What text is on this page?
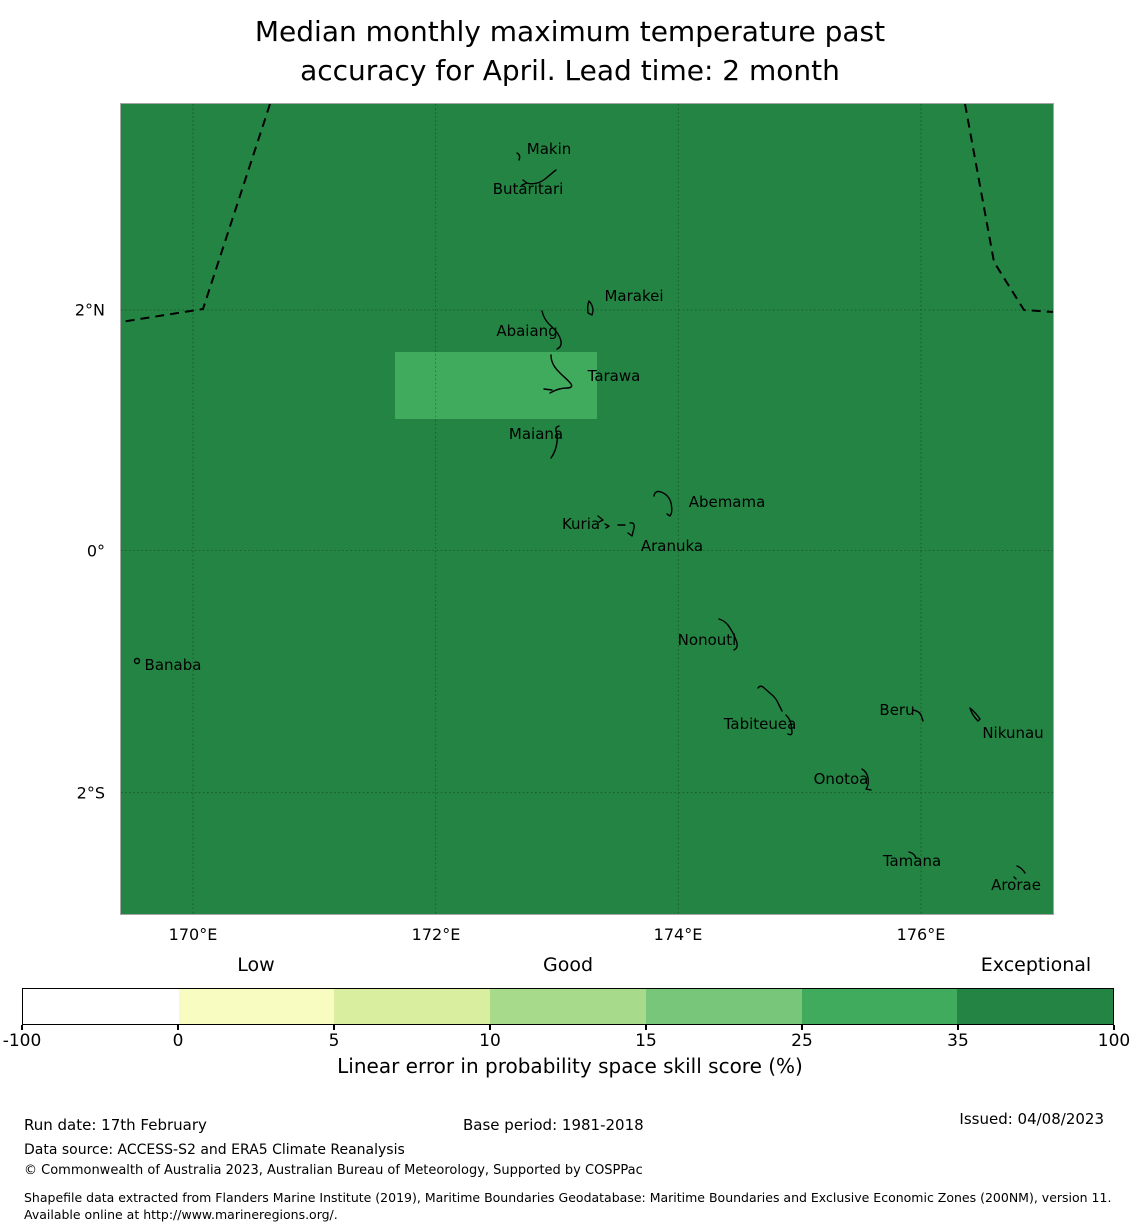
Median monthly maximum temperature past
accuracy for April. Lead time: 2 month
Makin
Butaritari
Marakei
Abaiang
Tarawa
Maiana
Abemama
Kuria
Aranuka
Nonouti
Banaba
Tabiteuea
Beru
Nikunau
Onotoa
Tamana
Arorae
2°N
0°
2°S
170°E	172°E	174°E	176°E
Low	Good	Exceptional
-100	0	5	10	15	25	35	100
Linear error in probability space skill score (%)
Run date: 17th February	Base period: 1981-2018	Issued: 04/08/2023
Data source: ACCESS-S2 and ERA5 Climate Reanalysis
© Commonwealth of Australia 2023, Australian Bureau of Meteorology, Supported by COSPPac
Shapefile data extracted from Flanders Marine Institute (2019), Maritime Boundaries Geodatabase: Maritime Boundaries and Exclusive Economic Zones (200NM), version 11. Available online at http://www.marineregions.org/.
